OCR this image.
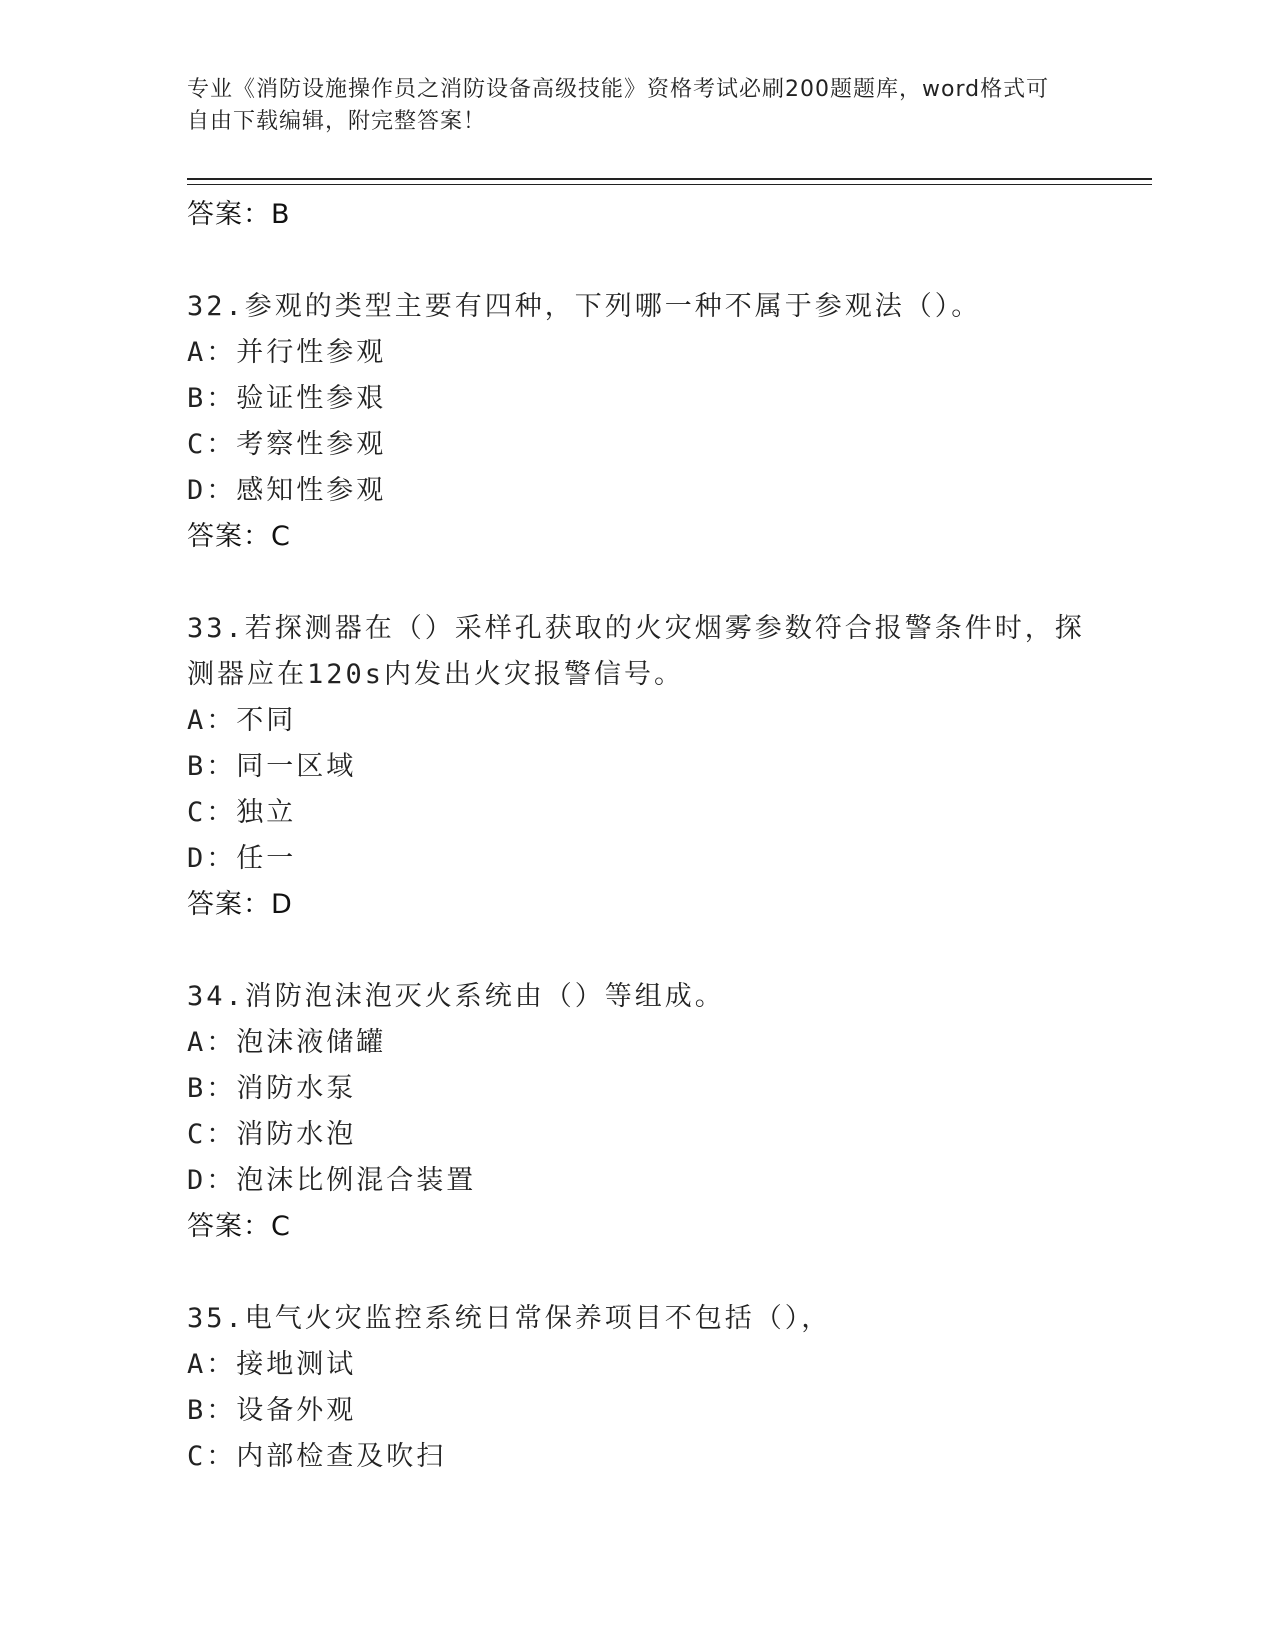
专业《消防设施操作员之消防设备高级技能》资格考试必刷200题题库，word格式可自由下载编辑，附完整答案！
答案：B

32.参观的类型主要有四种，下列哪一种不属于参观法（）。

A：并行性参观
B：验证性参艰
C：考察性参观
D：感知性参观
答案：C

33.若探测器在（）采样孔获取的火灾烟雾参数符合报警条件时，探测器应在120s内发出火灾报警信号。

A：不同
B：同一区域
C：独立
D：任一
答案：D

34.消防泡沫泡灭火系统由（）等组成。

A：泡沫液储罐
B：消防水泵
C：消防水泡
D：泡沫比例混合装置
答案：C

35.电气火灾监控系统日常保养项目不包括（），

A：接地测试
B：设备外观
C：内部检查及吹扫
